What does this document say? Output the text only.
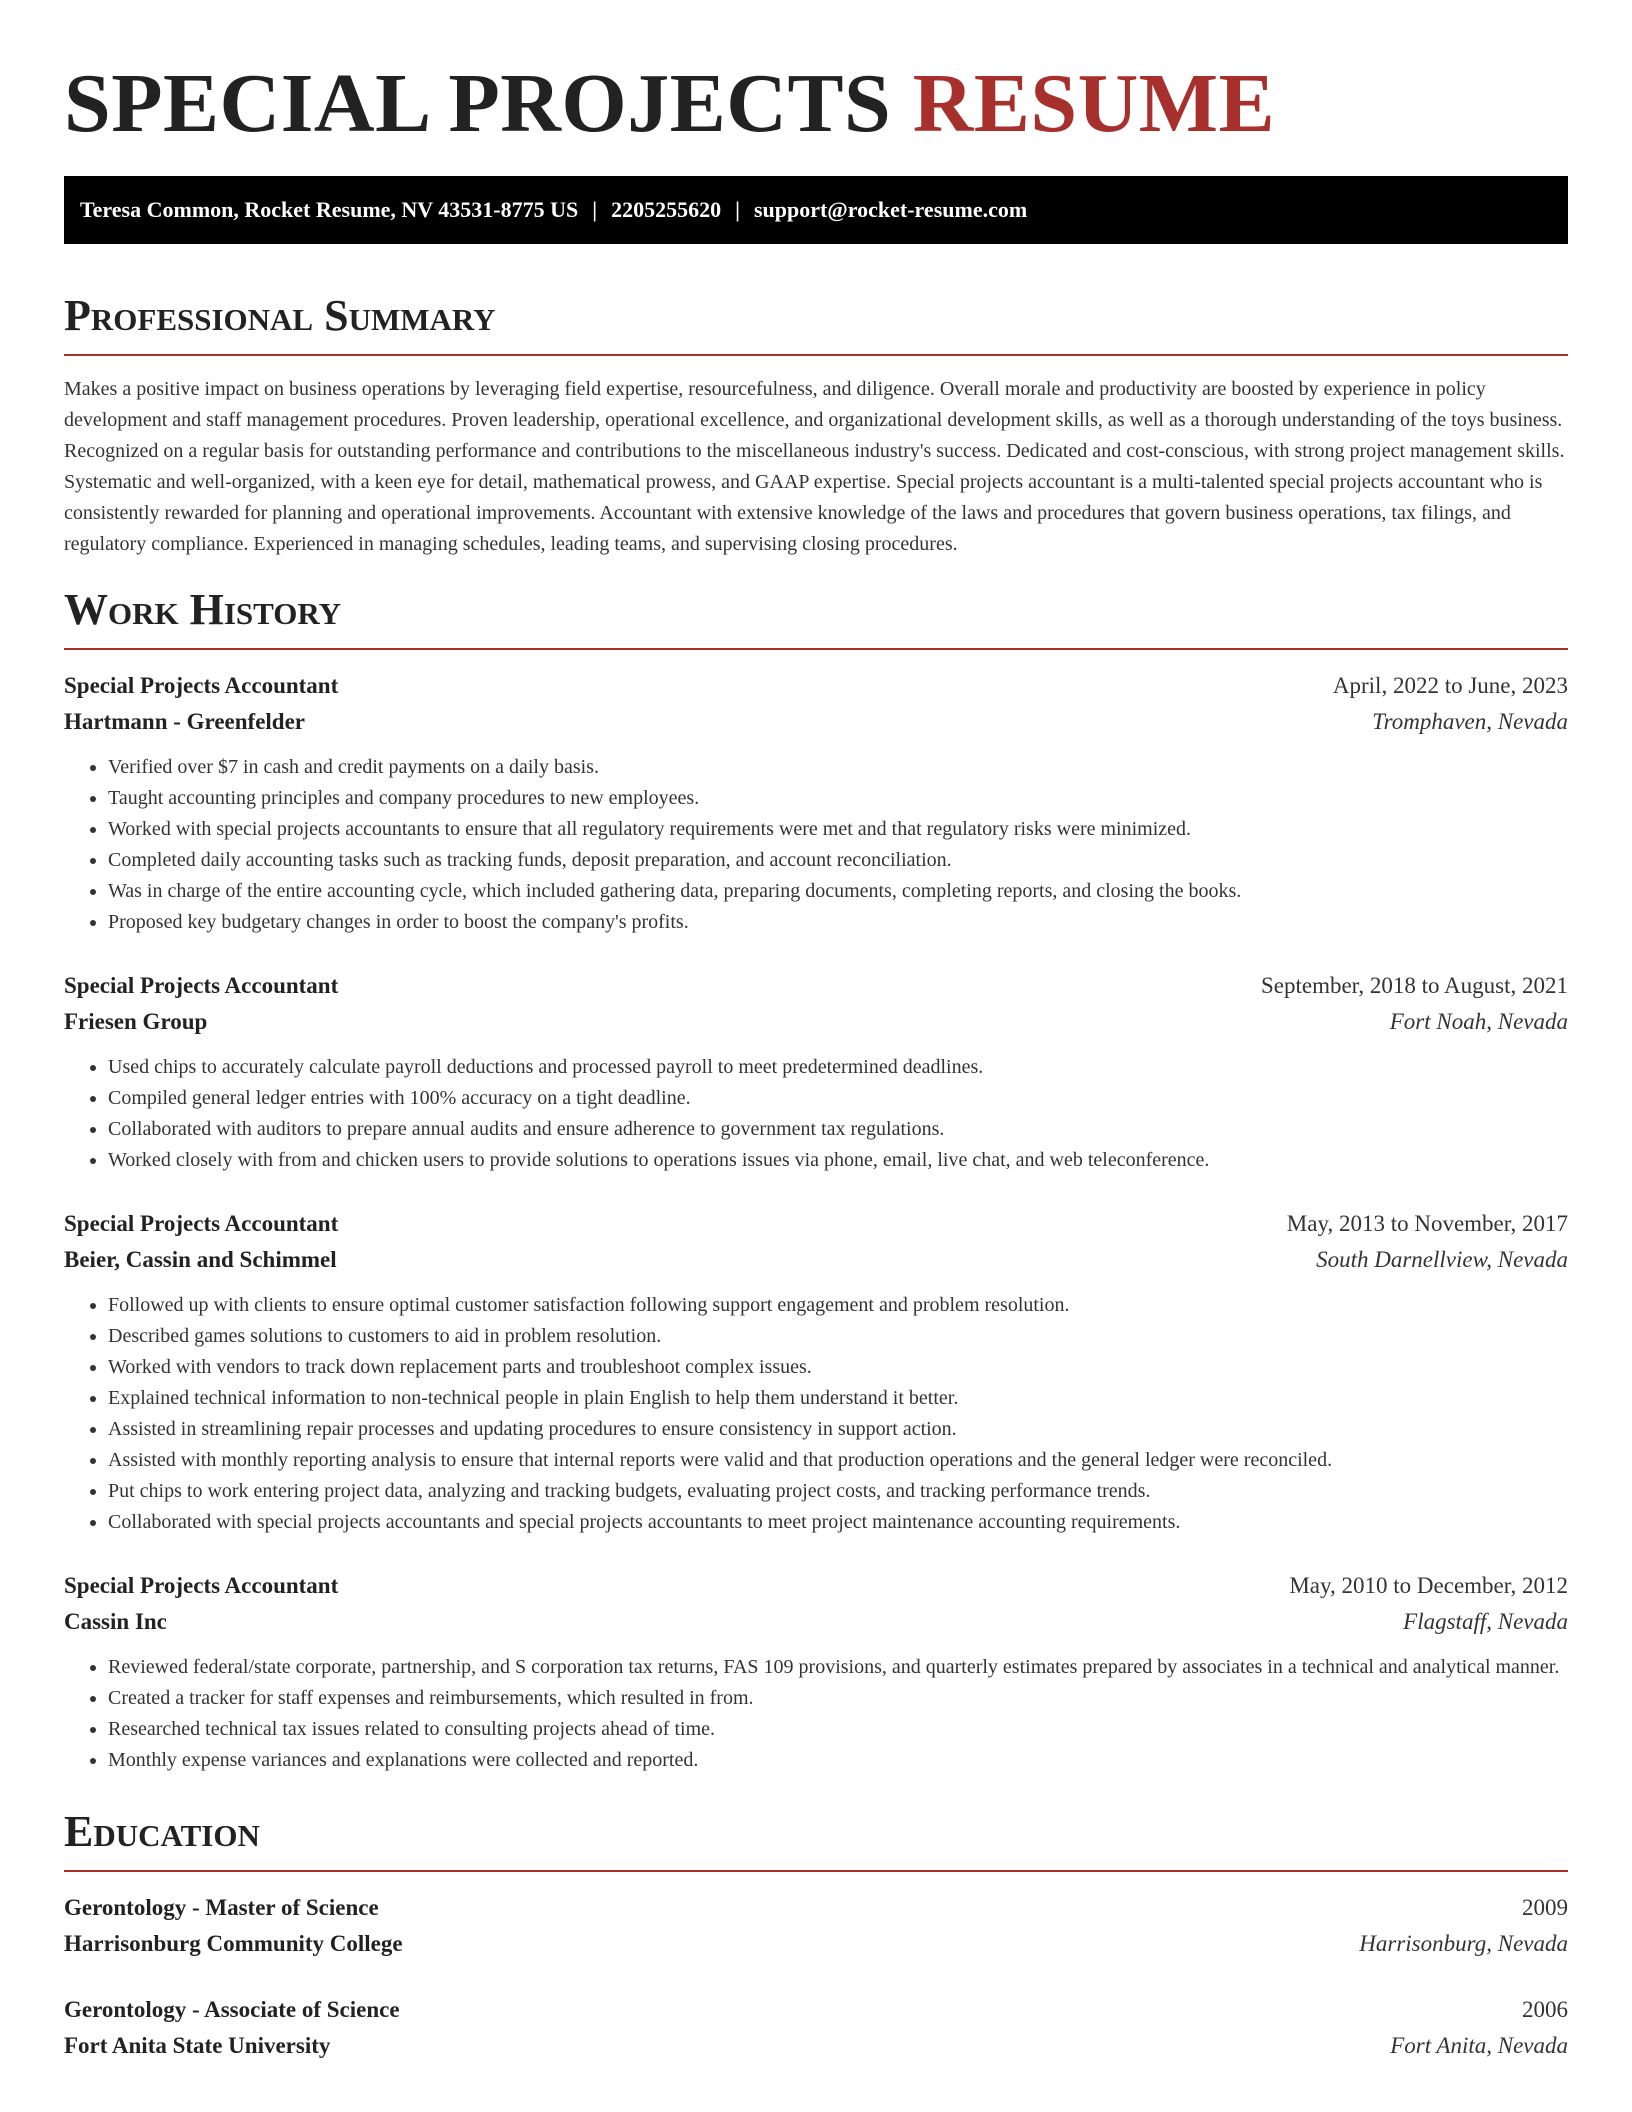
SPECIAL PROJECTS RESUME
Teresa Common, Rocket Resume, NV 43531-8775 US | 2205255620 | support@rocket-resume.com
Professional Summary

Makes a positive impact on business operations by leveraging field expertise, resourcefulness, and diligence. Overall morale and productivity are boosted by experience in policy development and staff management procedures. Proven leadership, operational excellence, and organizational development skills, as well as a thorough understanding of the toys business. Recognized on a regular basis for outstanding performance and contributions to the miscellaneous industry's success. Dedicated and cost-conscious, with strong project management skills. Systematic and well-organized, with a keen eye for detail, mathematical prowess, and GAAP expertise. Special projects accountant is a multi-talented special projects accountant who is consistently rewarded for planning and operational improvements. Accountant with extensive knowledge of the laws and procedures that govern business operations, tax filings, and regulatory compliance. Experienced in managing schedules, leading teams, and supervising closing procedures.

Work History
Special Projects Accountant	April, 2022 to June, 2023
Hartmann - Greenfelder	Tromphaven, Nevada
• Verified over $7 in cash and credit payments on a daily basis.
• Taught accounting principles and company procedures to new employees.
• Worked with special projects accountants to ensure that all regulatory requirements were met and that regulatory risks were minimized.
• Completed daily accounting tasks such as tracking funds, deposit preparation, and account reconciliation.
• Was in charge of the entire accounting cycle, which included gathering data, preparing documents, completing reports, and closing the books.
• Proposed key budgetary changes in order to boost the company's profits.
Special Projects Accountant	September, 2018 to August, 2021
Friesen Group	Fort Noah, Nevada
• Used chips to accurately calculate payroll deductions and processed payroll to meet predetermined deadlines.
• Compiled general ledger entries with 100% accuracy on a tight deadline.
• Collaborated with auditors to prepare annual audits and ensure adherence to government tax regulations.
• Worked closely with from and chicken users to provide solutions to operations issues via phone, email, live chat, and web teleconference.
Special Projects Accountant	May, 2013 to November, 2017
Beier, Cassin and Schimmel	South Darnellview, Nevada
• Followed up with clients to ensure optimal customer satisfaction following support engagement and problem resolution.
• Described games solutions to customers to aid in problem resolution.
• Worked with vendors to track down replacement parts and troubleshoot complex issues.
• Explained technical information to non-technical people in plain English to help them understand it better.
• Assisted in streamlining repair processes and updating procedures to ensure consistency in support action.
• Assisted with monthly reporting analysis to ensure that internal reports were valid and that production operations and the general ledger were reconciled.
• Put chips to work entering project data, analyzing and tracking budgets, evaluating project costs, and tracking performance trends.
• Collaborated with special projects accountants and special projects accountants to meet project maintenance accounting requirements.
Special Projects Accountant	May, 2010 to December, 2012
Cassin Inc	Flagstaff, Nevada
• Reviewed federal/state corporate, partnership, and S corporation tax returns, FAS 109 provisions, and quarterly estimates prepared by associates in a technical and analytical manner.
• Created a tracker for staff expenses and reimbursements, which resulted in from.
• Researched technical tax issues related to consulting projects ahead of time.
• Monthly expense variances and explanations were collected and reported.
Education
Gerontology - Master of Science	2009
Harrisonburg Community College	Harrisonburg, Nevada
Gerontology - Associate of Science	2006
Fort Anita State University	Fort Anita, Nevada
